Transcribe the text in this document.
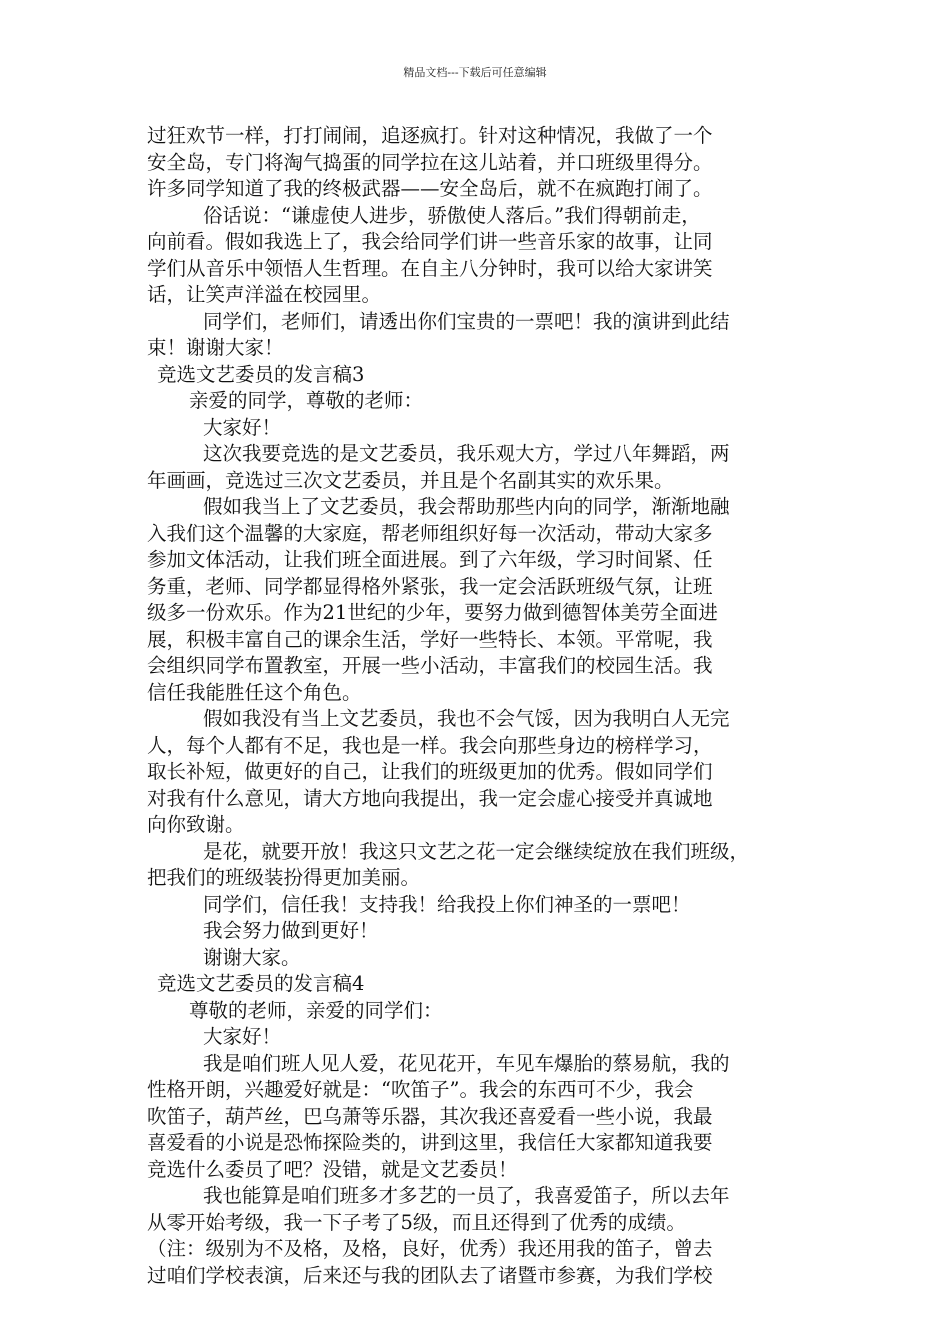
精品文档---下载后可任意编辑
过狂欢节一样，打打闹闹，追逐疯打。针对这种情况，我做了一个
安全岛，专门将淘气捣蛋的同学拉在这儿站着，并口班级里得分。
许多同学知道了我的终极武器——安全岛后，就不在疯跑打闹了。
俗话说：“谦虚使人进步，骄傲使人落后。”我们得朝前走，
向前看。假如我选上了，我会给同学们讲一些音乐家的故事，让同
学们从音乐中领悟人生哲理。在自主八分钟时，我可以给大家讲笑
话，让笑声洋溢在校园里。
同学们，老师们，请透出你们宝贵的一票吧！我的演讲到此结
束！谢谢大家！
竞选文艺委员的发言稿3
亲爱的同学，尊敬的老师：
大家好！
这次我要竞选的是文艺委员，我乐观大方，学过八年舞蹈，两
年画画，竞选过三次文艺委员，并且是个名副其实的欢乐果。
假如我当上了文艺委员，我会帮助那些内向的同学，渐渐地融
入我们这个温馨的大家庭，帮老师组织好每一次活动，带动大家多
参加文体活动，让我们班全面进展。到了六年级，学习时间紧、任
务重，老师、同学都显得格外紧张，我一定会活跃班级气氛，让班
级多一份欢乐。作为21世纪的少年，要努力做到德智体美劳全面进
展，积极丰富自己的课余生活，学好一些特长、本领。平常呢，我
会组织同学布置教室，开展一些小活动，丰富我们的校园生活。我
信任我能胜任这个角色。
假如我没有当上文艺委员，我也不会气馁，因为我明白人无完
人，每个人都有不足，我也是一样。我会向那些身边的榜样学习，
取长补短，做更好的自己，让我们的班级更加的优秀。假如同学们
对我有什么意见，请大方地向我提出，我一定会虚心接受并真诚地
向你致谢。
是花，就要开放！我这只文艺之花一定会继续绽放在我们班级，
把我们的班级装扮得更加美丽。
同学们，信任我！支持我！给我投上你们神圣的一票吧！
我会努力做到更好！
谢谢大家。
竞选文艺委员的发言稿4
尊敬的老师，亲爱的同学们：
大家好！
我是咱们班人见人爱，花见花开，车见车爆胎的蔡易航，我的
性格开朗，兴趣爱好就是：“吹笛子”。我会的东西可不少，我会
吹笛子，葫芦丝，巴乌萧等乐器，其次我还喜爱看一些小说，我最
喜爱看的小说是恐怖探险类的，讲到这里，我信任大家都知道我要
竞选什么委员了吧？没错，就是文艺委员！
我也能算是咱们班多才多艺的一员了，我喜爱笛子，所以去年
从零开始考级，我一下子考了5级，而且还得到了优秀的成绩。
（注：级别为不及格，及格，良好，优秀）我还用我的笛子，曾去
过咱们学校表演，后来还与我的团队去了诸暨市参赛，为我们学校
